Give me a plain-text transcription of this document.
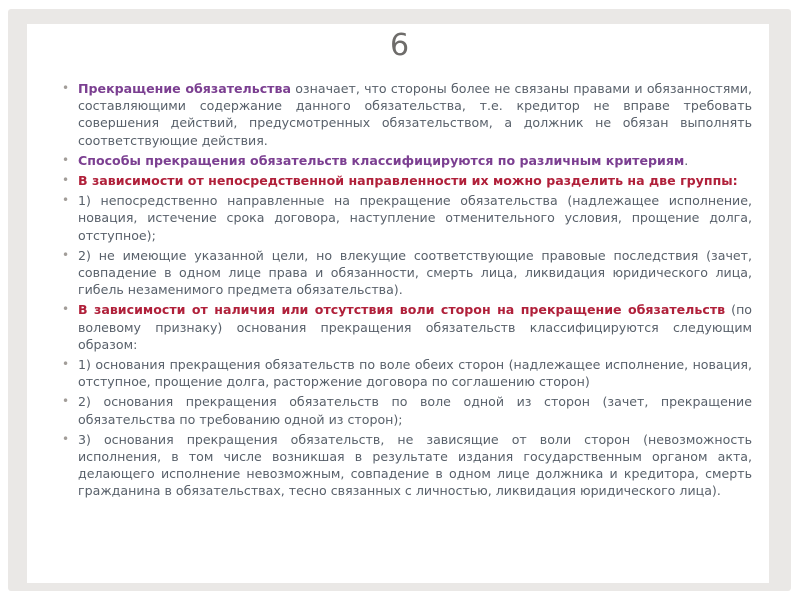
6
• Прекращение обязательства означает, что стороны более не связаны правами и обязанностями, составляющими содержание данного обязательства, т.е. кредитор не вправе требовать совершения действий, предусмотренных обязательством, а должник не обязан выполнять соответствующие действия.
• Способы прекращения обязательств классифицируются по различным критериям.
• В зависимости от непосредственной направленности их можно разделить на две группы:
• 1) непосредственно направленные на прекращение обязательства (надлежащее исполнение, новация, истечение срока договора, наступление отменительного условия, прощение долга, отступное);
• 2) не имеющие указанной цели, но влекущие соответствующие правовые последствия (зачет, совпадение в одном лице права и обязанности, смерть лица, ликвидация юридического лица, гибель незаменимого предмета обязательства).
• В зависимости от наличия или отсутствия воли сторон на прекращение обязательств (по волевому признаку) основания прекращения обязательств классифицируются следующим образом:
• 1) основания прекращения обязательств по воле обеих сторон (надлежащее исполнение, новация, отступное, прощение долга, расторжение договора по соглашению сторон)
• 2) основания прекращения обязательств по воле одной из сторон (зачет, прекращение обязательства по требованию одной из сторон);
• 3) основания прекращения обязательств, не зависящие от воли сторон (невозможность исполнения, в том числе возникшая в результате издания государственным органом акта, делающего исполнение невозможным, совпадение в одном лице должника и кредитора, смерть гражданина в обязательствах, тесно связанных с личностью, ликвидация юридического лица).
